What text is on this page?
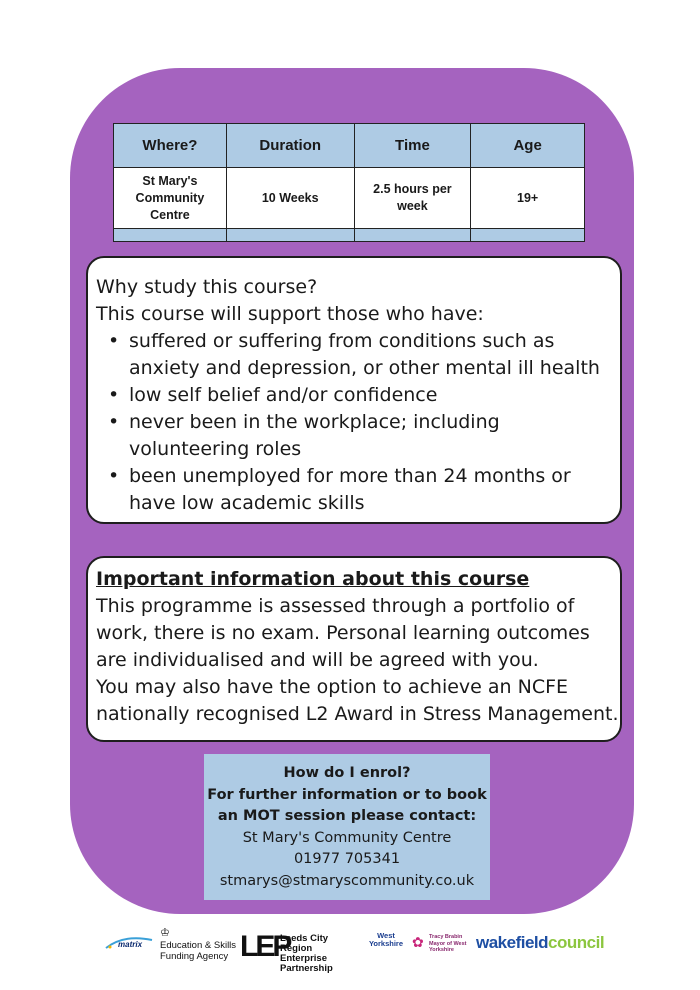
Where?	Duration	Time	Age
St Mary's Community Centre	10 Weeks	2.5 hours per week	19+

Why study this course?
This course will support those who have:
• suffered or suffering from conditions such as anxiety and depression, or other mental ill health
• low self belief and/or confidence
• never been in the workplace; including volunteering roles
• been unemployed for more than 24 months or have low academic skills
Important information about this course

This programme is assessed through a portfolio of

work, there is no exam. Personal learning outcomes

are individualised and will be agreed with you.

You may also have the option to achieve an NCFE

nationally recognised L2 Award in Stress Management.

How do I enrol?
For further information or to book an MOT session please contact:
St Mary's Community Centre
01977 705341
stmarys@stmaryscommunity.co.uk
matrix
♔
Education & Skills Funding Agency LEP
Leeds City Region Enterprise Partnership
West Yorkshire ✿ Tracy Brabin Mayor of West Yorkshire	wakefieldcouncil
